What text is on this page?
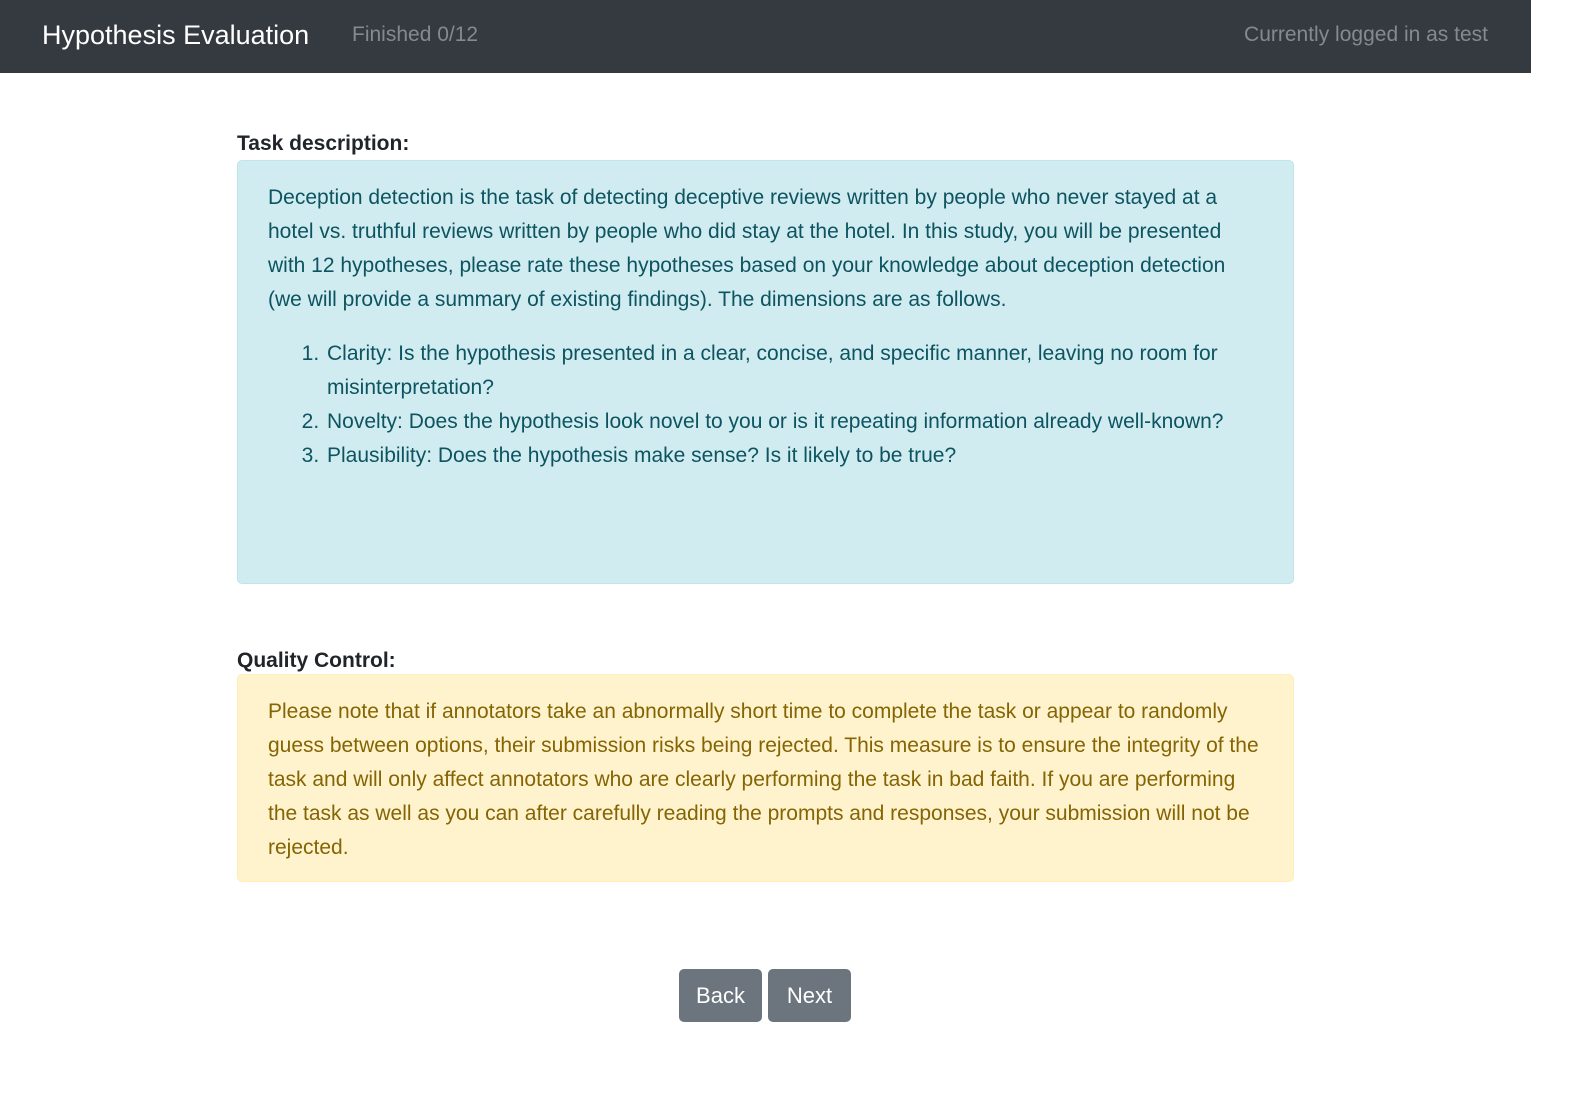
Hypothesis Evaluation Finished 0/12	Currently logged in as test
Task description:

Deception detection is the task of detecting deceptive reviews written by people who never stayed at a hotel vs. truthful reviews written by people who did stay at the hotel. In this study, you will be presented with 12 hypotheses, please rate these hypotheses based on your knowledge about deception detection (we will provide a summary of existing findings). The dimensions are as follows.

1. Clarity: Is the hypothesis presented in a clear, concise, and specific manner, leaving no room for misinterpretation?
2. Novelty: Does the hypothesis look novel to you or is it repeating information already well-known?
3. Plausibility: Does the hypothesis make sense? Is it likely to be true?
Quality Control:

Please note that if annotators take an abnormally short time to complete the task or appear to randomly guess between options, their submission risks being rejected. This measure is to ensure the integrity of the task and will only affect annotators who are clearly performing the task in bad faith. If you are performing the task as well as you can after carefully reading the prompts and responses, your submission will not be rejected.

Back	Next
